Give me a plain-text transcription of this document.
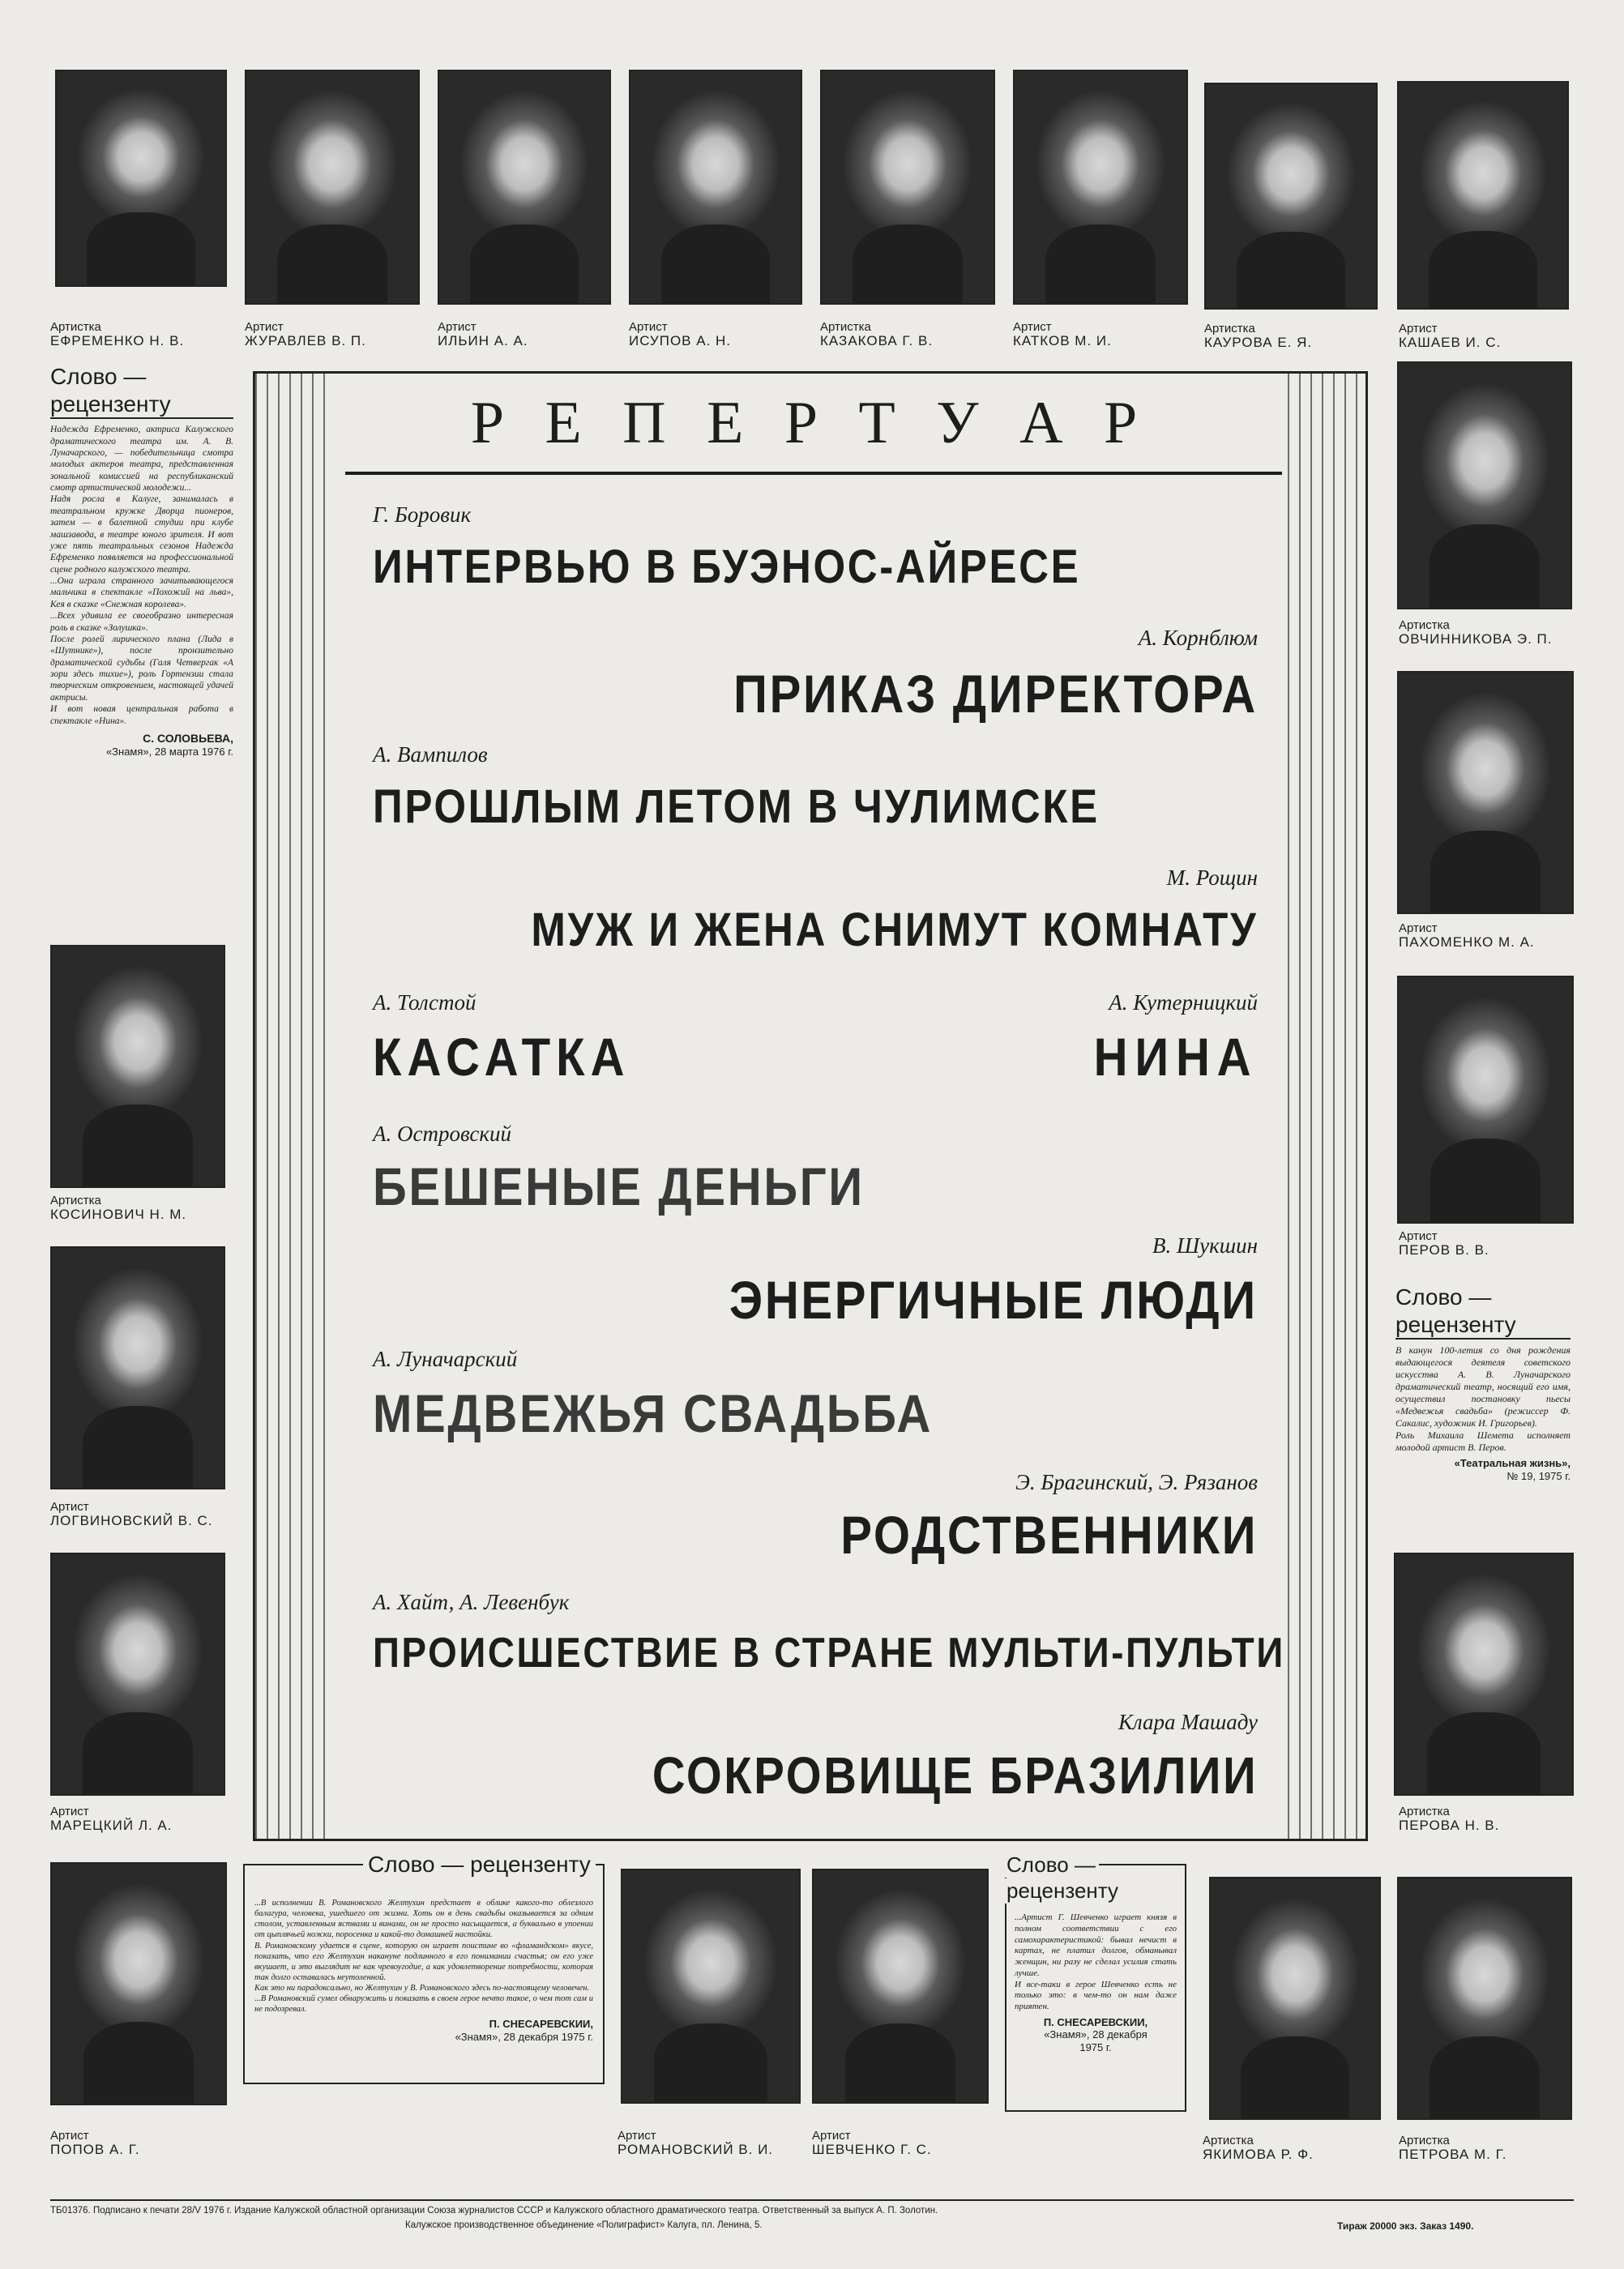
Артистка
ЕФРЕМЕНКО Н. В.
Артист
ЖУРАВЛЕВ В. П.
Артист
ИЛЬИН А. А.
Артист
ИСУПОВ А. Н.
Артистка
КАЗАКОВА Г. В.
Артист
КАТКОВ М. И.
Артистка
КАУРОВА Е. Я.
Артист
КАШАЕВ И. С.
Слово —
рецензенту
Надежда Ефременко, актриса Калужского драматического театра им. А. В. Луначарского, — победительница смотра молодых актеров театра, представленная зональной комиссией на республиканский смотр артистической молодежи...
Надя росла в Калуге, занималась в театральном кружке Дворца пионеров, затем — в балетной студии при клубе машзавода, в театре юного зрителя. И вот уже пять театральных сезонов Надежда Ефременко появляется на профессиональной сцене родного калужского театра.
...Она играла странного зачитывающегося мальчика в спектакле «Похожий на льва», Кея в сказке «Снежная королева».
...Всех удивила ее своеобразно интересная роль в сказке «Золушка».
После ролей лирического плана (Лида в «Шутнике»), после пронзительно драматической судьбы (Галя Четвергак «А зори здесь тихие»), роль Гортензии стала творческим откровением, настоящей удачей актрисы.
И вот новая центральная работа в спектакле «Нина».
С. СОЛОВЬЕВА,
«Знамя», 28 марта 1976 г.
Артистка
КОСИНОВИЧ Н. М.
Артист
ЛОГВИНОВСКИЙ В. С.
Артист
МАРЕЦКИЙ Л. А.
Артист
ПОПОВ А. Г.
Артистка
ОВЧИННИКОВА Э. П.
Артист
ПАХОМЕНКО М. А.
Артист
ПЕРОВ В. В.
Артистка
ПЕРОВА Н. В.
Слово —
рецензенту
В канун 100-летия со дня рождения выдающегося деятеля советского искусства А. В. Луначарского драматический театр, носящий его имя, осуществил постановку пьесы «Медвежья свадьба» (режиссер Ф. Сакалис, художник И. Григорьев).
Роль Михаила Шемета исполняет молодой артист В. Перов.
«Театральная жизнь»,
№ 19, 1975 г.
Р Е П Е Р Т У А Р
Г. Боровик
ИНТЕРВЬЮ В БУЭНОС-АЙРЕСЕ
А. Корнблюм
ПРИКАЗ ДИРЕКТОРА
А. Вампилов
ПРОШЛЫМ ЛЕТОМ В ЧУЛИМСКЕ
М. Рощин
МУЖ И ЖЕНА СНИМУТ КОМНАТУ
А. Толстой
КАСАТКА
А. Кутерницкий
НИНА
А. Островский
БЕШЕНЫЕ ДЕНЬГИ
В. Шукшин
ЭНЕРГИЧНЫЕ ЛЮДИ
А. Луначарский
МЕДВЕЖЬЯ СВАДЬБА
Э. Брагинский, Э. Рязанов
РОДСТВЕННИКИ
А. Хайт, А. Левенбук
ПРОИСШЕСТВИЕ В СТРАНЕ МУЛЬТИ-ПУЛЬТИ
Клара Машаду
СОКРОВИЩЕ БРАЗИЛИИ
Слово — рецензенту
...В исполнении В. Романовского Желтухин предстает в облике какого-то облезлого балагура, человека, ушедшего от жизни. Хоть он в день свадьбы оказывается за одним столом, уставленным яствами и винами, он не просто насыщается, а буквально в упоении от цыплячьей ножки, поросенка и какой-то домашней настойки.
В. Романовскому удается в сцене, которую он играет поистине во «фламандском» вкусе, показать, что его Желтухин накануне подлинного в его понимании счастья; он его уже вкушает, и это выглядит не как чревоугодие, а как удовлетворение потребности, которая так долго оставалась неутоленной.
Как это ни парадоксально, но Желтухин у В. Романовского здесь по-настоящему человечен.
...В Романовский сумел обнаружить и показать в своем герое нечто такое, о чем тот сам и не подозревал.
П. СНЕСАРЕВСКИИ,
«Знамя», 28 декабря 1975 г.
Артист
РОМАНОВСКИЙ В. И.
Артист
ШЕВЧЕНКО Г. С.
Артистка
ЯКИМОВА Р. Ф.
Артистка
ПЕТРОВА М. Г.
Слово —
рецензенту
...Артист Г. Шевченко играет князя в полном соответствии с его самохарактеристикой: бывал нечист в картах, не платил долгов, обманывал женщин, ни разу не сделал усилия стать лучше.
И все-таки в герое Шевченко есть не только это: в чем-то он нам даже приятен.
П. СНЕСАРЕВСКИИ,
«Знамя», 28 декабря
1975 г.
ТБ01376. Подписано к печати 28/V 1976 г. Издание Калужской областной организации Союза журналистов СССР и Калужского областного драматического театра. Ответственный за выпуск А. П. Золотин.
Калужское производственное объединение «Полиграфист» Калуга, пл. Ленина, 5.	Тираж 20000 экз. Заказ 1490.
